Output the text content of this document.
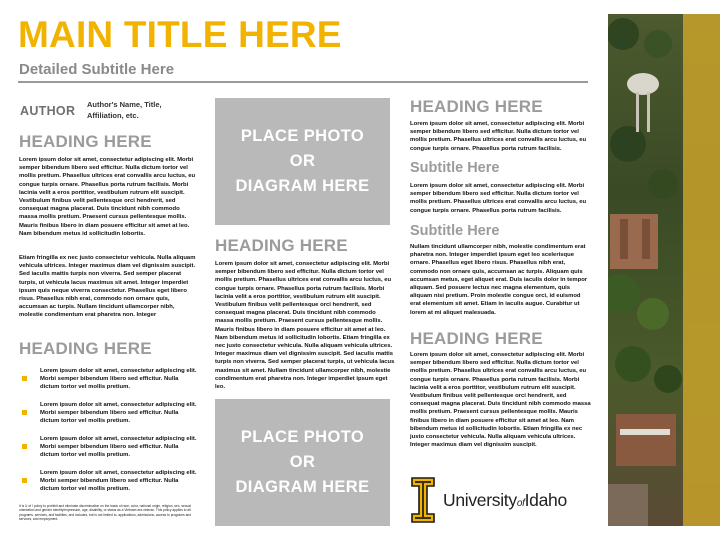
MAIN TITLE HERE
Detailed Subtitle Here
AUTHOR Author's Name, Title,
Affiliation, etc.
HEADING HERE
Lorem ipsum dolor sit amet, consectetur adipiscing elit. Morbi semper bibendum libero sed efficitur. Nulla dictum tortor vel mollis pretium. Phasellus ultrices erat convallis arcu luctus, eu congue turpis ornare. Phasellus porta rutrum facilisis. Morbi lacinia velit a eros porttitor, vestibulum rutrum elit suscipit. Vestibulum finibus velit pellentesque orci hendrerit, sed consequat magna placerat. Duis tincidunt nibh commodo massa mollis pretium. Praesent cursus pellentesque mollis. Mauris finibus libero in diam posuere efficitur sit amet at leo. Nam bibendum metus id sollicitudin lobortis.
Etiam fringilla ex nec justo consectetur vehicula. Nulla aliquam vehicula ultrices. Integer maximus diam vel dignissim suscipit. Sed iaculis mattis turpis non viverra. Sed semper placerat turpis, ut vehicula lacus maximus sit amet. Integer imperdiet ipsum quis neque viverra consectetur. Phasellus eget libero risus. Phasellus nibh erat, commodo non ornare quis, accumsan ac turpis. Nullam tincidunt ullamcorper nibh, molestie condimentum erat pharetra non. Integer
HEADING HERE
Lorem ipsum dolor sit amet, consectetur adipiscing elit. Morbi semper bibendum libero sed efficitur. Nulla dictum tortor vel mollis pretium.
Lorem ipsum dolor sit amet, consectetur adipiscing elit. Morbi semper bibendum libero sed efficitur. Nulla dictum tortor vel mollis pretium.
Lorem ipsum dolor sit amet, consectetur adipiscing elit. Morbi semper bibendum libero sed efficitur. Nulla dictum tortor vel mollis pretium.
Lorem ipsum dolor sit amet, consectetur adipiscing elit. Morbi semper bibendum libero sed efficitur. Nulla dictum tortor vel mollis pretium.
It is U of I policy to prohibit and eliminate discrimination on the basis of race, color, national origin, religion, sex, sexual orientation and gender identity/expression, age, disability, or status as a Vietnam-era veteran. This policy applies to all programs, services, and facilities, and includes, but is not limited to, applications, admissions, access to programs and services, and employment.
PLACE PHOTO
OR
DIAGRAM HERE
HEADING HERE
Lorem ipsum dolor sit amet, consectetur adipiscing elit. Morbi semper bibendum libero sed efficitur. Nulla dictum tortor vel mollis pretium. Phasellus ultrices erat convallis arcu luctus, eu congue turpis ornare. Phasellus porta rutrum facilisis. Morbi lacinia velit a eros porttitor, vestibulum rutrum elit suscipit. Vestibulum finibus velit pellentesque orci hendrerit, sed consequat magna placerat. Duis tincidunt nibh commodo massa mollis pretium. Praesent cursus pellentesque mollis. Mauris finibus libero in diam posuere efficitur sit amet at leo. Nam bibendum metus id sollicitudin lobortis. Etiam fringilla ex nec justo consectetur vehicula. Nulla aliquam vehicula ultrices. Integer maximus diam vel dignissim suscipit. Sed iaculis mattis turpis non viverra. Sed semper placerat turpis, ut vehicula lacus maximus sit amet. Nullam tincidunt ullamcorper nibh, molestie condimentum erat pharetra non. Integer imperdiet ipsum eget leo.
PLACE PHOTO
OR
DIAGRAM HERE
HEADING HERE
Lorem ipsum dolor sit amet, consectetur adipiscing elit. Morbi semper bibendum libero sed efficitur. Nulla dictum tortor vel mollis pretium. Phasellus ultrices erat convallis arcu luctus, eu congue turpis ornare. Phasellus porta rutrum facilisis.
Subtitle Here
Lorem ipsum dolor sit amet, consectetur adipiscing elit. Morbi semper bibendum libero sed efficitur. Nulla dictum tortor vel mollis pretium. Phasellus ultrices erat convallis arcu luctus, eu congue turpis ornare. Phasellus porta rutrum facilisis.
Subtitle Here
Nullam tincidunt ullamcorper nibh, molestie condimentum erat pharetra non. Integer imperdiet ipsum eget leo scelerisque ornare. Phasellus eget libero risus. Phasellus nibh erat, commodo non ornare quis, accumsan ac turpis. Aliquam quis accumsan metus, eget aliquet erat. Duis iaculis dolor in tempor aliquam. Sed posuere lectus nec magna elementum, quis aliquam nisi pretium. Proin molestie congue orci, id euismod erat elementum sit amet. Etiam in iaculis augue. Curabitur ut lorem at mi aliquet malesuada.
HEADING HERE
Lorem ipsum dolor sit amet, consectetur adipiscing elit. Morbi semper bibendum libero sed efficitur. Nulla dictum tortor vel mollis pretium. Phasellus ultrices erat convallis arcu luctus, eu congue turpis ornare. Phasellus porta rutrum facilisis. Morbi lacinia velit a eros porttitor, vestibulum rutrum elit suscipit. Vestibulum finibus velit pellentesque orci hendrerit, sed consequat magna placerat. Duis tincidunt nibh commodo massa mollis pretium. Praesent cursus pellentesque mollis. Mauris finibus libero in diam posuere efficitur sit amet at leo. Nam bibendum metus id sollicitudin lobortis. Etiam fringilla ex nec justo consectetur vehicula. Nulla aliquam vehicula ultrices. Integer maximus diam vel dignissim suscipit.
UniversityofIdaho
